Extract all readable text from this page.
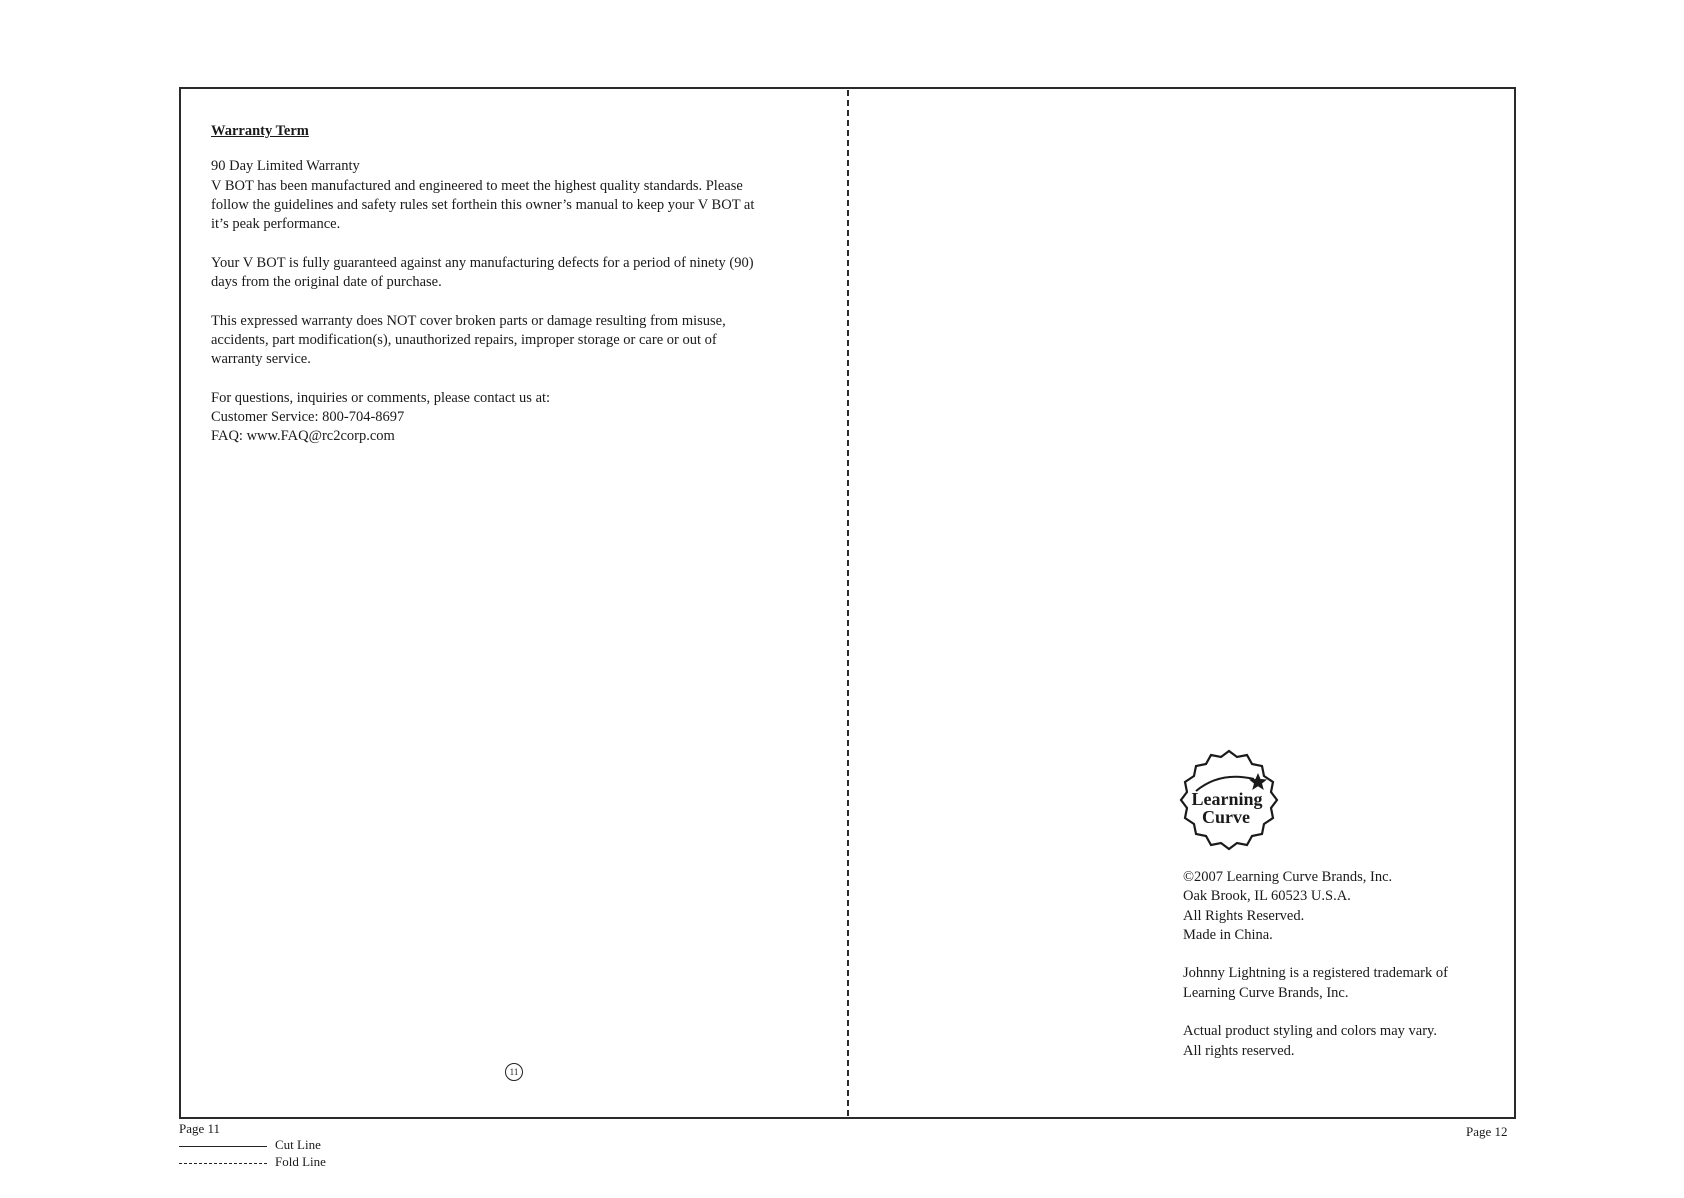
Warranty Term

90 Day Limited Warranty
V BOT has been manufactured and engineered to meet the highest quality standards. Please
follow the guidelines and safety rules set forthein this owner’s manual to keep your V BOT at
it’s peak performance.

Your V BOT is fully guaranteed against any manufacturing defects for a period of ninety (90)
days from the original date of purchase.

This expressed warranty does NOT cover broken parts or damage resulting from misuse,
accidents, part modification(s), unauthorized repairs, improper storage or care or out of
warranty service.

For questions, inquiries or comments, please contact us at:
Customer Service: 800-704-8697
FAQ: www.FAQ@rc2corp.com

11
Learning
Curve

©2007 Learning Curve Brands, Inc.
Oak Brook, IL 60523 U.S.A.
All Rights Reserved.
Made in China.

Johnny Lightning is a registered trademark of
Learning Curve Brands, Inc.

Actual product styling and colors may vary.
All rights reserved.

Page 11	Page 12
Cut Line
Fold Line
